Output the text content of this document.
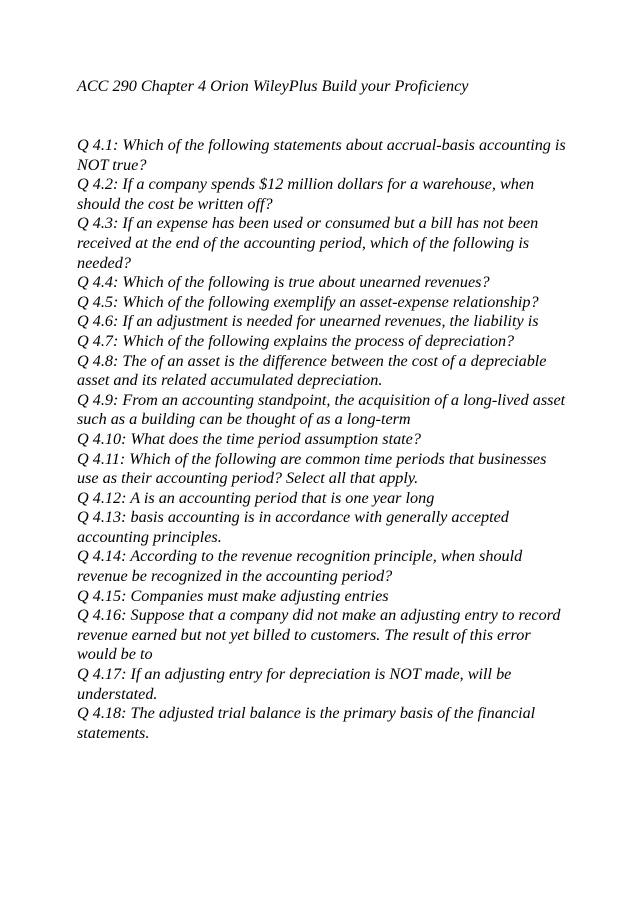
ACC 290 Chapter 4 Orion WileyPlus Build your Proficiency
Q 4.1: Which of the following statements about accrual-basis accounting is NOT true?
Q 4.2: If a company spends $12 million dollars for a warehouse, when should the cost be written off?
Q 4.3: If an expense has been used or consumed but a bill has not been received at the end of the accounting period, which of the following is needed?
Q 4.4: Which of the following is true about unearned revenues?
Q 4.5: Which of the following exemplify an asset-expense relationship?
Q 4.6: If an adjustment is needed for unearned revenues, the liability is
Q 4.7: Which of the following explains the process of depreciation?
Q 4.8: The of an asset is the difference between the cost of a depreciable asset and its related accumulated depreciation.
Q 4.9: From an accounting standpoint, the acquisition of a long-lived asset such as a building can be thought of as a long-term
Q 4.10: What does the time period assumption state?
Q 4.11: Which of the following are common time periods that businesses use as their accounting period? Select all that apply.
Q 4.12: A is an accounting period that is one year long
Q 4.13: basis accounting is in accordance with generally accepted accounting principles.
Q 4.14: According to the revenue recognition principle, when should revenue be recognized in the accounting period?
Q 4.15: Companies must make adjusting entries
Q 4.16: Suppose that a company did not make an adjusting entry to record revenue earned but not yet billed to customers. The result of this error would be to
Q 4.17: If an adjusting entry for depreciation is NOT made, will be understated.
Q 4.18: The adjusted trial balance is the primary basis of the financial statements.
